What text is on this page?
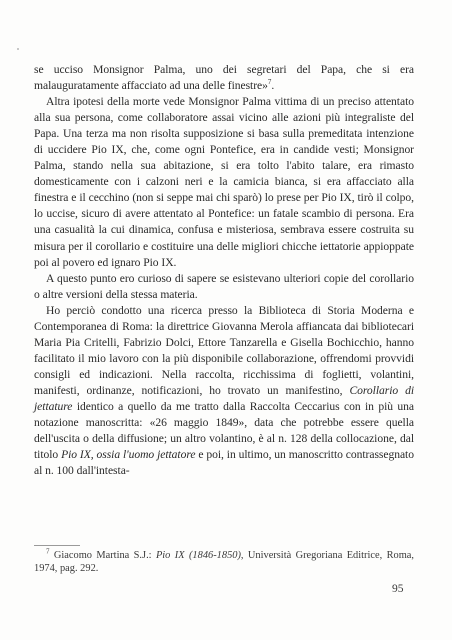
se ucciso Monsignor Palma, uno dei segretari del Papa, che si era malauguratamente affacciato ad una delle finestre»$^7$.

Altra ipotesi della morte vede Monsignor Palma vittima di un preciso attentato alla sua persona, come collaboratore assai vicino alle azioni più integraliste del Papa. Una terza ma non risolta supposizione si basa sulla premeditata intenzione di uccidere Pio IX, che, come ogni Pontefice, era in candide vesti; Monsignor Palma, stando nella sua abitazione, si era tolto l'abito talare, era rimasto domesticamente con i calzoni neri e la camicia bianca, si era affacciato alla finestra e il cecchino (non si seppe mai chi sparò) lo prese per Pio IX, tirò il colpo, lo uccise, sicuro di avere attentato al Pontefice: un fatale scambio di persona. Era una casualità la cui dinamica, confusa e misteriosa, sembrava essere costruita su misura per il corollario e costituire una delle migliori chicche iettatorie appioppate poi al povero ed ignaro Pio IX.

A questo punto ero curioso di sapere se esistevano ulteriori copie del corollario o altre versioni della stessa materia.

Ho perciò condotto una ricerca presso la Biblioteca di Storia Moderna e Contemporanea di Roma: la direttrice Giovanna Merola affiancata dai bibliotecari Maria Pia Critelli, Fabrizio Dolci, Ettore Tanzarella e Gisella Bochicchio, hanno facilitato il mio lavoro con la più disponibile collaborazione, offrendomi provvidi consigli ed indicazioni. Nella raccolta, ricchissima di foglietti, volantini, manifesti, ordinanze, notificazioni, ho trovato un manifestino, Corollario di jettature identico a quello da me tratto dalla Raccolta Ceccarius con in più una notazione manoscritta: «26 maggio 1849», data che potrebbe essere quella dell'uscita o della diffusione; un altro volantino, è al n. 128 della collocazione, dal titolo Pio IX, ossia l'uomo jettatore e poi, in ultimo, un manoscritto contrassegnato al n. 100 dall'intesta-

$^7$ Giacomo Martina S.J.: Pio IX (1846-1850), Università Gregoriana Editrice, Roma, 1974, pag. 292.
95
